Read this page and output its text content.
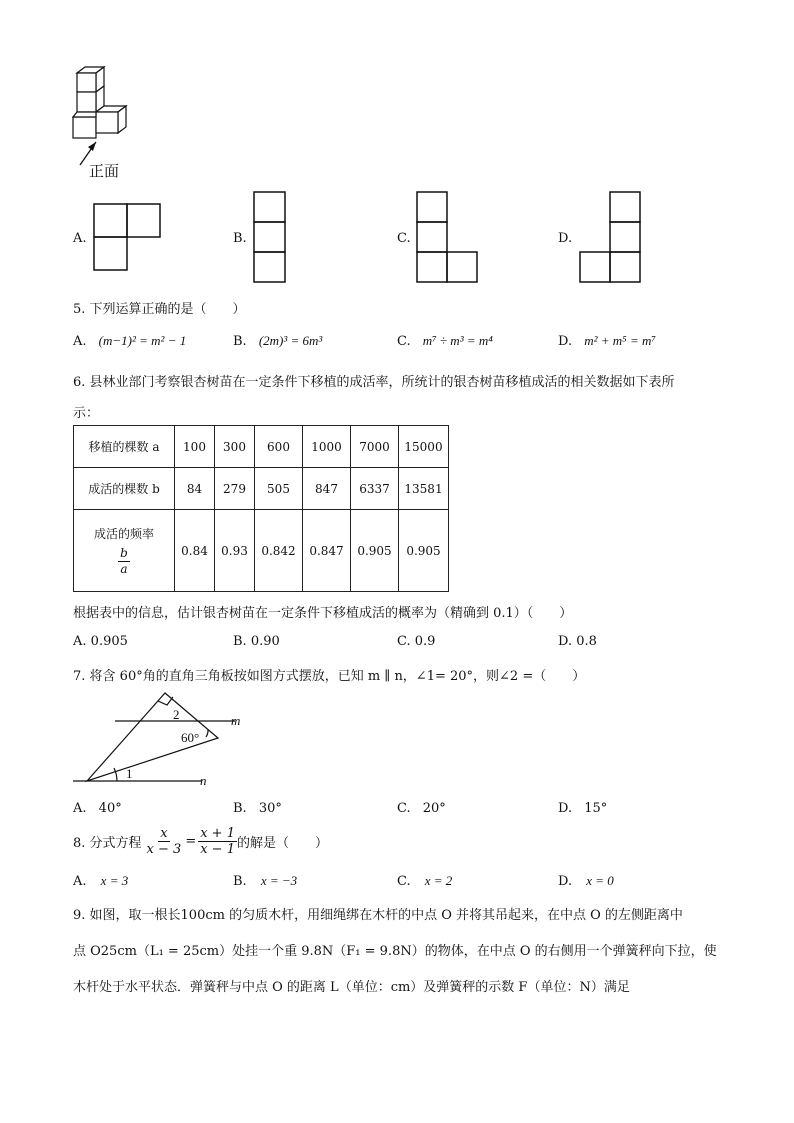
正面
A.	B.	C.	D.
5. 下列运算正确的是（　　）
A. (m−1)² = m² − 1	B. (2m)³ = 6m³	C. m⁷ ÷ m³ = m⁴	D. m² + m⁵ = m⁷
6. 县林业部门考察银杏树苗在一定条件下移植的成活率，所统计的银杏树苗移植成活的相关数据如下表所
示：
移植的棵数 a	100	300	600	1000	7000	15000
成活的棵数 b	84	279	505	847	6337	13581

成活的频率
$\frac{b}{a}$	0.84	0.93	0.842	0.847	0.905	0.905
根据表中的信息，估计银杏树苗在一定条件下移植成活的概率为（精确到 0.1）（　　）
A. 0.905	B. 0.90	C. 0.9	D. 0.8
7. 将含 60°角的直角三角板按如图方式摆放，已知 m ∥ n，∠1= 20°，则∠2 =（　　）
m
n
2
60°
1
A. 40°	B. 30°	C. 20°	D. 15°
8. 分式方程 $\frac{x}{x - 3} = \frac{x + 1}{x - 1}$ 的解是（　　）
A. x = 3	B. x = −3	C. x = 2	D. x = 0
9. 如图，取一根长100cm 的匀质木杆，用细绳绑在木杆的中点 O 并将其吊起来，在中点 O 的左侧距离中
点 O25cm（L₁ = 25cm）处挂一个重 9.8N（F₁ = 9.8N）的物体，在中点 O 的右侧用一个弹簧秤向下拉，使
木杆处于水平状态．弹簧秤与中点 O 的距离 L（单位：cm）及弹簧秤的示数 F（单位：N）满足
